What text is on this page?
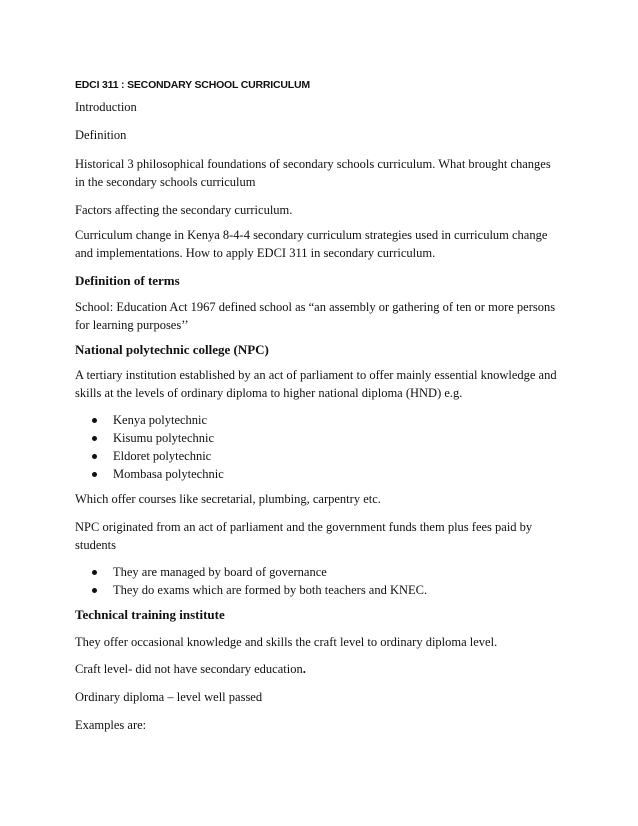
EDCI 311 : SECONDARY SCHOOL CURRICULUM
Introduction
Definition
Historical 3 philosophical foundations of secondary schools curriculum. What brought changes
in the secondary schools curriculum
Factors affecting the secondary curriculum.
Curriculum change in Kenya 8-4-4 secondary curriculum strategies used in curriculum change
and implementations. How to apply EDCI 311 in secondary curriculum.
Definition of terms
School: Education Act 1967 defined school as “an assembly or gathering of ten or more persons
for learning purposes’’
National polytechnic college (NPC)
A tertiary institution established by an act of parliament to offer mainly essential knowledge and
skills at the levels of ordinary diploma to higher national diploma (HND) e.g.
Kenya polytechnic
Kisumu polytechnic
Eldoret polytechnic
Mombasa polytechnic
Which offer courses like secretarial, plumbing, carpentry etc.
NPC originated from an act of parliament and the government funds them plus fees paid by
students
They are managed by board of governance
They do exams which are formed by both teachers and KNEC.
Technical training institute
They offer occasional knowledge and skills the craft level to ordinary diploma level.
Craft level- did not have secondary education.
Ordinary diploma – level well passed
Examples are:
